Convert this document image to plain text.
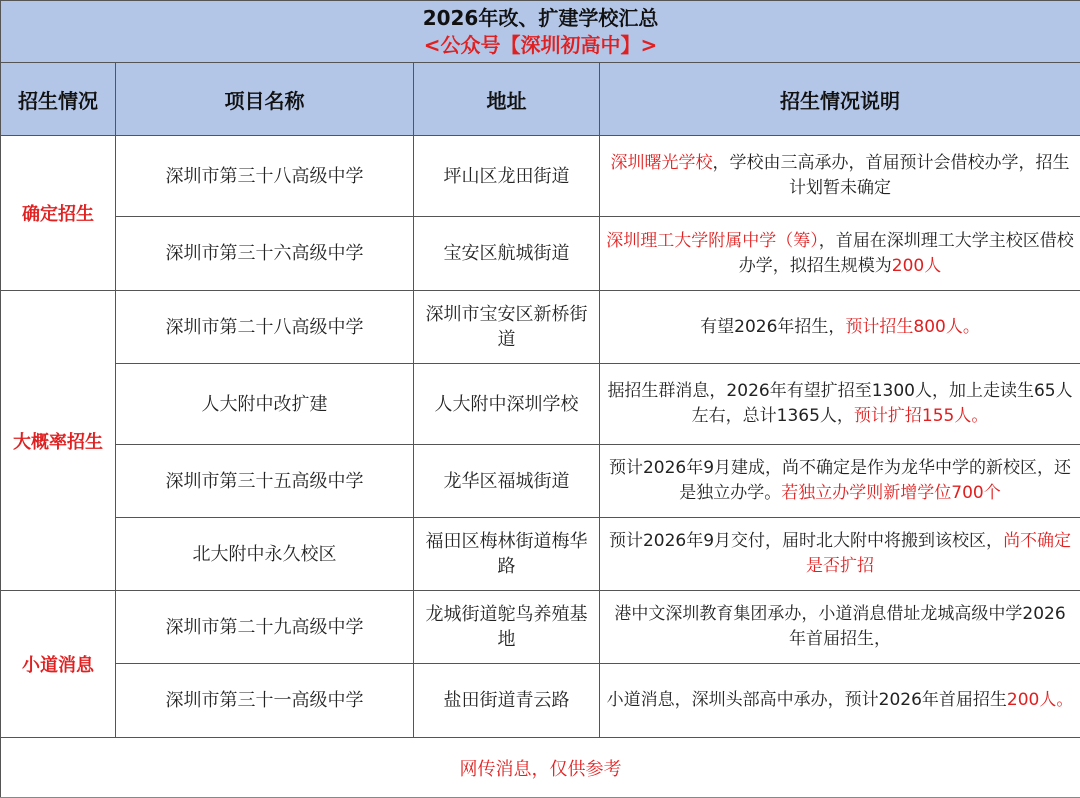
2026年改、扩建学校汇总
<公众号【深圳初高中】>			

招生情况	项目名称	地址	招生情况说明
确定招生	深圳市第三十八高级中学	坪山区龙田街道	深圳曙光学校，学校由三高承办，首届预计会借校办学，招生计划暂未确定
	深圳市第三十六高级中学	宝安区航城街道	深圳理工大学附属中学（筹），首届在深圳理工大学主校区借校办学，拟招生规模为200人
大概率招生	深圳市第二十八高级中学	深圳市宝安区新桥街道	有望2026年招生，预计招生800人。
	人大附中改扩建	人大附中深圳学校	据招生群消息，2026年有望扩招至1300人，加上走读生65人左右，总计1365人，预计扩招155人。
	深圳市第三十五高级中学	龙华区福城街道	预计2026年9月建成，尚不确定是作为龙华中学的新校区，还是独立办学。若独立办学则新增学位700个
	北大附中永久校区	福田区梅林街道梅华路	预计2026年9月交付，届时北大附中将搬到该校区，尚不确定是否扩招
小道消息	深圳市第二十九高级中学	龙城街道鸵鸟养殖基地	港中文深圳教育集团承办，小道消息借址龙城高级中学2026年首届招生，
	深圳市第三十一高级中学	盐田街道青云路	小道消息，深圳头部高中承办，预计2026年首届招生200人。
网传消息，仅供参考			
